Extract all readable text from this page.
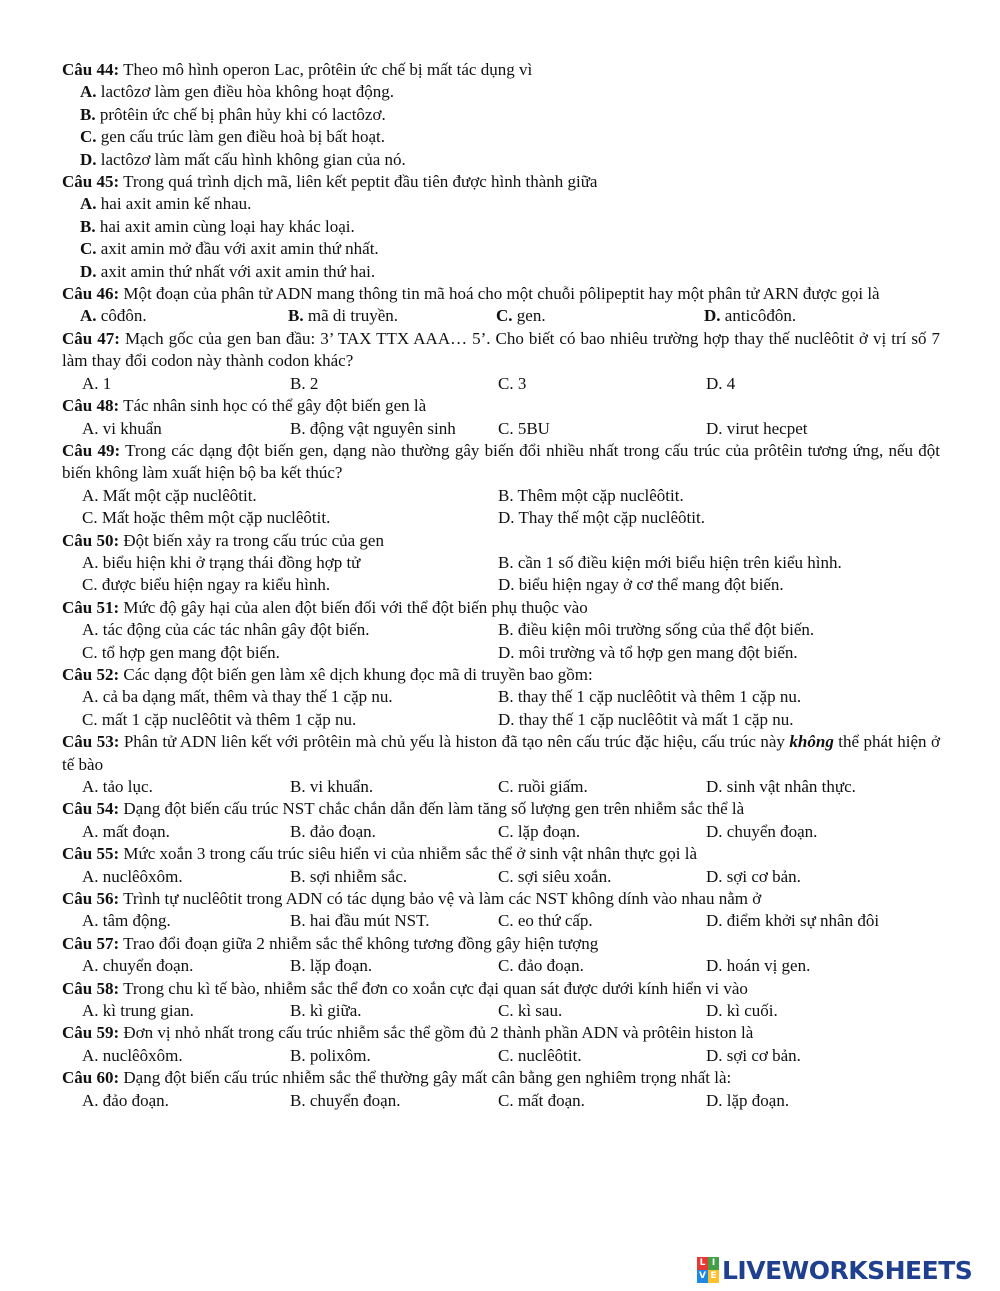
Câu 44: Theo mô hình operon Lac, prôtêin ức chế bị mất tác dụng vì
A. lactôzơ làm gen điều hòa không hoạt động.
B. prôtêin ức chế bị phân hủy khi có lactôzơ.
C. gen cấu trúc làm gen điều hoà bị bất hoạt.
D. lactôzơ làm mất cấu hình không gian của nó.
Câu 45: Trong quá trình dịch mã, liên kết peptit đầu tiên được hình thành giữa
A. hai axit amin kế nhau.
B. hai axit amin cùng loại hay khác loại.
C. axit amin mở đầu với axit amin thứ nhất.
D. axit amin thứ nhất với axit amin thứ hai.
Câu 46: Một đoạn của phân tử ADN mang thông tin mã hoá cho một chuỗi pôlipeptit hay một phân tử ARN được gọi là
A. côđôn.	B. mã di truyền.	C. gen.	D. anticôđôn.
Câu 47: Mạch gốc của gen ban đầu: 3’ TAX TTX AAA… 5’. Cho biết có bao nhiêu trường hợp thay thế nuclêôtit ở vị trí số 7 làm thay đổi codon này thành codon khác?
A. 1	B. 2	C. 3	D. 4
Câu 48: Tác nhân sinh học có thể gây đột biến gen là
A. vi khuẩn	B. động vật nguyên sinh	C. 5BU	D. virut hecpet
Câu 49: Trong các dạng đột biến gen, dạng nào thường gây biến đổi nhiều nhất trong cấu trúc của prôtêin tương ứng, nếu đột biến không làm xuất hiện bộ ba kết thúc?
A. Mất một cặp nuclêôtit.	B. Thêm một cặp nuclêôtit.
C. Mất hoặc thêm một cặp nuclêôtit.	D. Thay thế một cặp nuclêôtit.
Câu 50: Đột biến xảy ra trong cấu trúc của gen
A. biểu hiện khi ở trạng thái đồng hợp tử	B. cần 1 số điều kiện mới biểu hiện trên kiểu hình.
C. được biểu hiện ngay ra kiểu hình.	D. biểu hiện ngay ở cơ thể mang đột biến.
Câu 51: Mức độ gây hại của alen đột biến đối với thể đột biến phụ thuộc vào
A. tác động của các tác nhân gây đột biến.	B. điều kiện môi trường sống của thể đột biến.
C. tổ hợp gen mang đột biến.	D. môi trường và tổ hợp gen mang đột biến.
Câu 52: Các dạng đột biến gen làm xê dịch khung đọc mã di truyền bao gồm:
A. cả ba dạng mất, thêm và thay thế 1 cặp nu.	B. thay thế 1 cặp nuclêôtit và thêm 1 cặp nu.
C. mất 1 cặp nuclêôtit và thêm 1 cặp nu.	D. thay thế 1 cặp nuclêôtit và mất 1 cặp nu.
Câu 53: Phân tử ADN liên kết với prôtêin mà chủ yếu là histon đã tạo nên cấu trúc đặc hiệu, cấu trúc này không thể phát hiện ở tế bào
A. tảo lục.	B. vi khuẩn.	C. ruồi giấm.	D. sinh vật nhân thực.
Câu 54: Dạng đột biến cấu trúc NST chắc chắn dẫn đến làm tăng số lượng gen trên nhiễm sắc thể là
A. mất đoạn.	B. đảo đoạn.	C. lặp đoạn.	D. chuyển đoạn.
Câu 55: Mức xoắn 3 trong cấu trúc siêu hiển vi của nhiễm sắc thể ở sinh vật nhân thực gọi là
A. nuclêôxôm.	B. sợi nhiễm sắc.	C. sợi siêu xoắn.	D. sợi cơ bản.
Câu 56: Trình tự nuclêôtit trong ADN có tác dụng bảo vệ và làm các NST không dính vào nhau nằm ở
A. tâm động.	B. hai đầu mút NST.	C. eo thứ cấp.	D. điểm khởi sự nhân đôi
Câu 57: Trao đổi đoạn giữa 2 nhiễm sắc thể không tương đồng gây hiện tượng
A. chuyển đoạn.	B. lặp đoạn.	C. đảo đoạn.	D. hoán vị gen.
Câu 58: Trong chu kì tế bào, nhiễm sắc thể đơn co xoắn cực đại quan sát được dưới kính hiển vi vào
A. kì trung gian.	B. kì giữa.	C. kì sau.	D. kì cuối.
Câu 59: Đơn vị nhỏ nhất trong cấu trúc nhiễm sắc thể gồm đủ 2 thành phần ADN và prôtêin histon là
A. nuclêôxôm.	B. polixôm.	C. nuclêôtit.	D. sợi cơ bản.
Câu 60: Dạng đột biến cấu trúc nhiễm sắc thể thường gây mất cân bằng gen nghiêm trọng nhất là:
A. đảo đoạn.	B. chuyển đoạn.	C. mất đoạn.	D. lặp đoạn.
L I
V E LIVEWORKSHEETS
